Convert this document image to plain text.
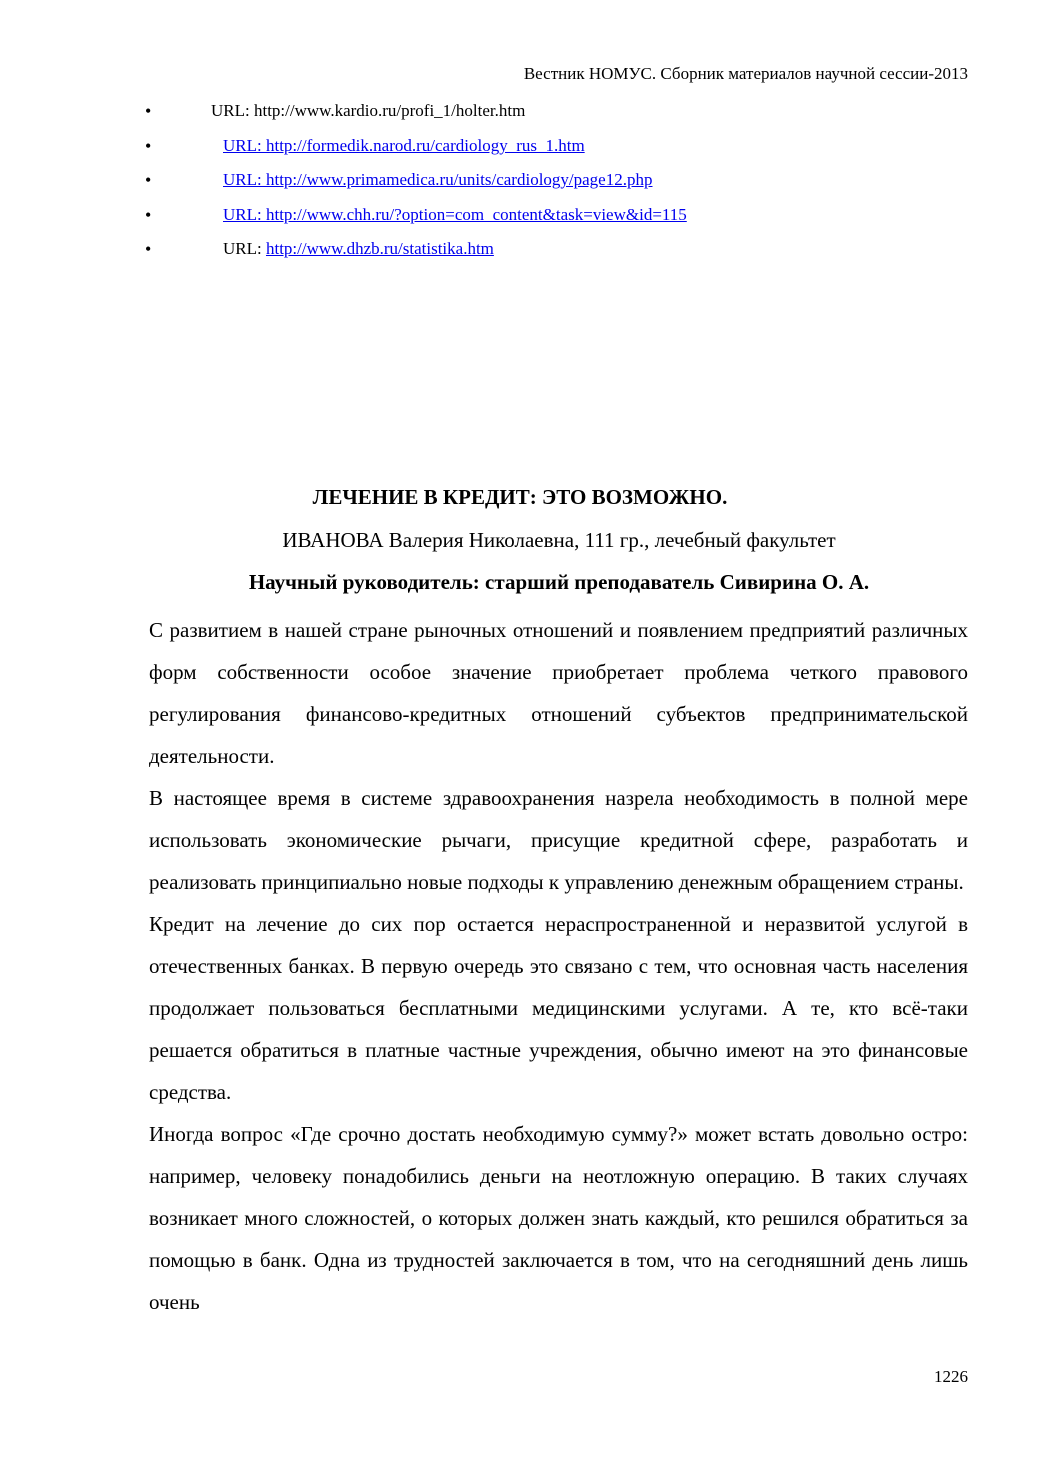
Вестник НОМУС. Сборник материалов научной сессии-2013
•	URL: http://www.kardio.ru/profi_1/holter.htm
•	URL: http://formedik.narod.ru/cardiology_rus_1.htm
•	URL: http://www.primamedica.ru/units/cardiology/page12.php
•	URL: http://www.chh.ru/?option=com_content&task=view&id=115
•	URL: http://www.dhzb.ru/statistika.htm
ЛЕЧЕНИЕ В КРЕДИТ: ЭТО ВОЗМОЖНО.
ИВАНОВА Валерия Николаевна, 111 гр., лечебный факультет
Научный руководитель: старший преподаватель Сивирина О. А.

С развитием в нашей стране рыночных отношений и появлением предприятий различных форм собственности особое значение приобретает проблема четкого правового регулирования финансово-кредитных отношений субъектов предпринимательской деятельности.

В настоящее время в системе здравоохранения назрела необходимость в полной мере использовать экономические рычаги, присущие кредитной сфере, разработать и реализовать принципиально новые подходы к управлению денежным обращением страны.

Кредит на лечение до сих пор остается нераспространенной и неразвитой услугой в отечественных банках. В первую очередь это связано с тем, что основная часть населения продолжает пользоваться бесплатными медицинскими услугами. А те, кто всё-таки решается обратиться в платные частные учреждения, обычно имеют на это финансовые средства.

Иногда вопрос «Где срочно достать необходимую сумму?» может встать довольно остро: например, человеку понадобились деньги на неотложную операцию. В таких случаях возникает много сложностей, о которых должен знать каждый, кто решился обратиться за помощью в банк. Одна из трудностей заключается в том, что на сегодняшний день лишь очень

1226
